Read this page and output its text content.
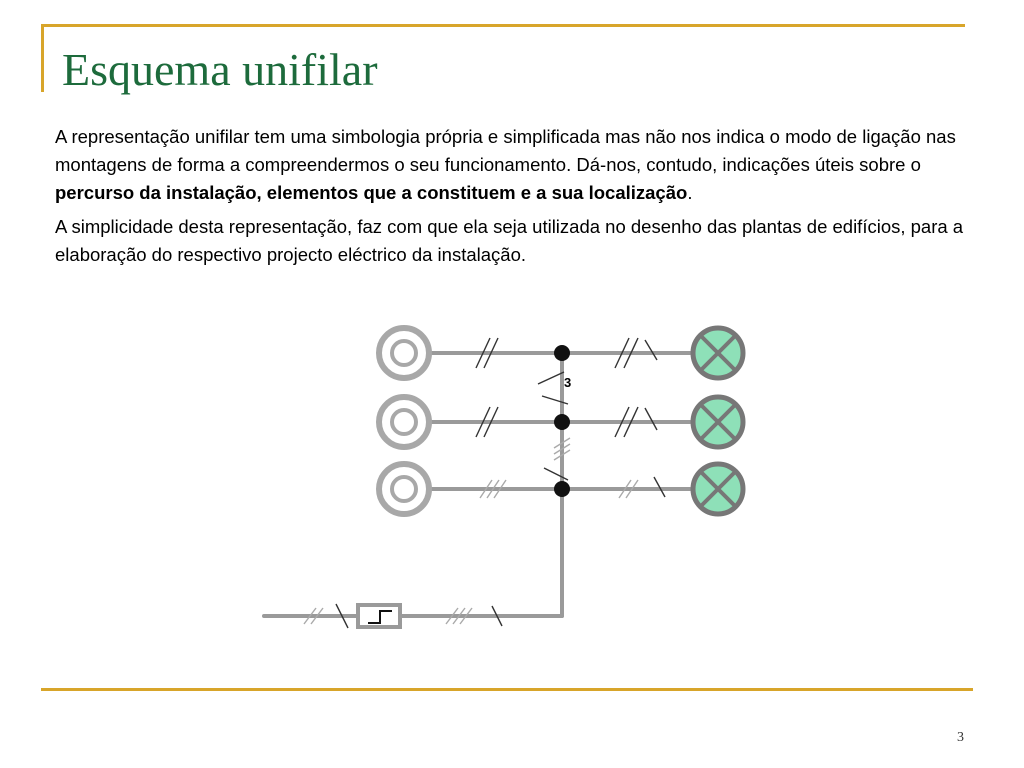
Esquema unifilar

A representação unifilar tem uma simbologia própria e simplificada mas não nos indica o modo de ligação nas montagens de forma a compreendermos o seu funcionamento. Dá-nos, contudo, indicações úteis sobre o percurso da instalação, elementos que a constituem e a sua localização.

A simplicidade desta representação, faz com que ela seja utilizada no desenho das plantas de edifícios, para a elaboração do respectivo projecto eléctrico da instalação.

3
3
